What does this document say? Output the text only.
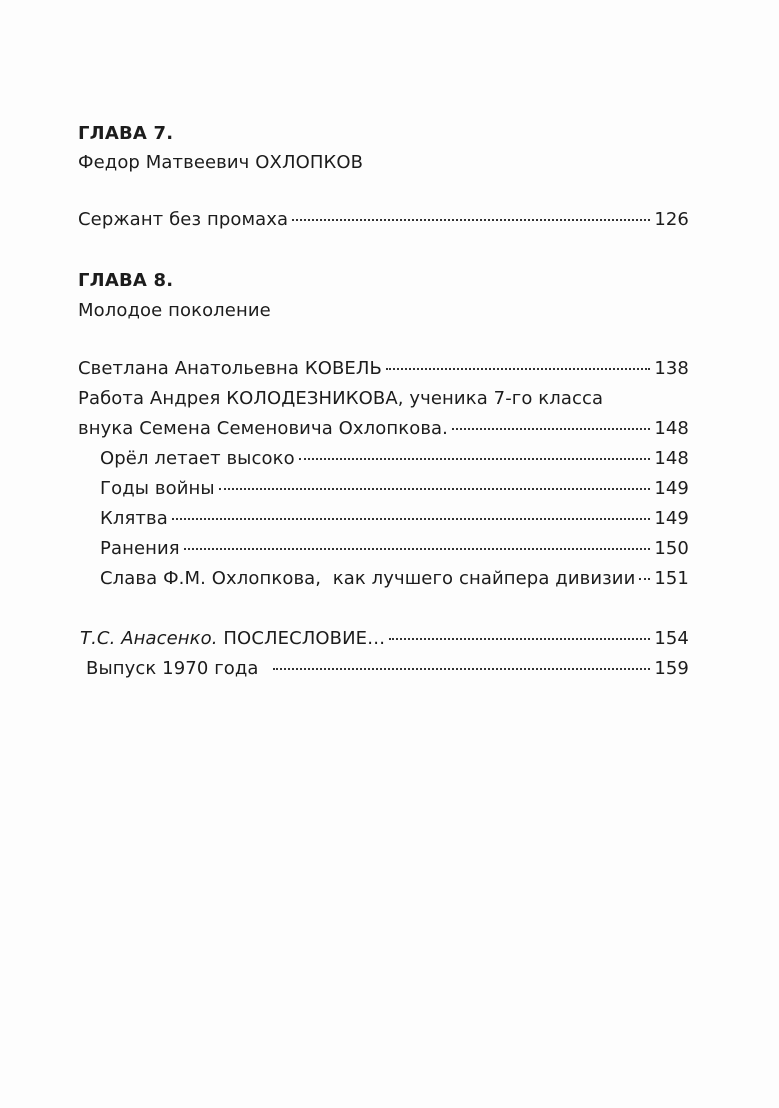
ГЛАВА 7.
Федор Матвеевич ОХЛОПКОВ
Сержант без промаха	126
ГЛАВА 8.
Молодое поколение
Светлана Анатольевна КОВЕЛЬ	138
Работа Андрея КОЛОДЕЗНИКОВА, ученика 7-го класса
внука Семена Семеновича Охлопкова.	148
Орёл летает высоко	148
Годы войны	149
Клятва	149
Ранения	150
Слава Ф.М. Охлопкова,  как лучшего снайпера дивизии 151
Т.С. Анасенко. ПОСЛЕСЛОВИЕ…	154
Выпуск 1970 года	159
